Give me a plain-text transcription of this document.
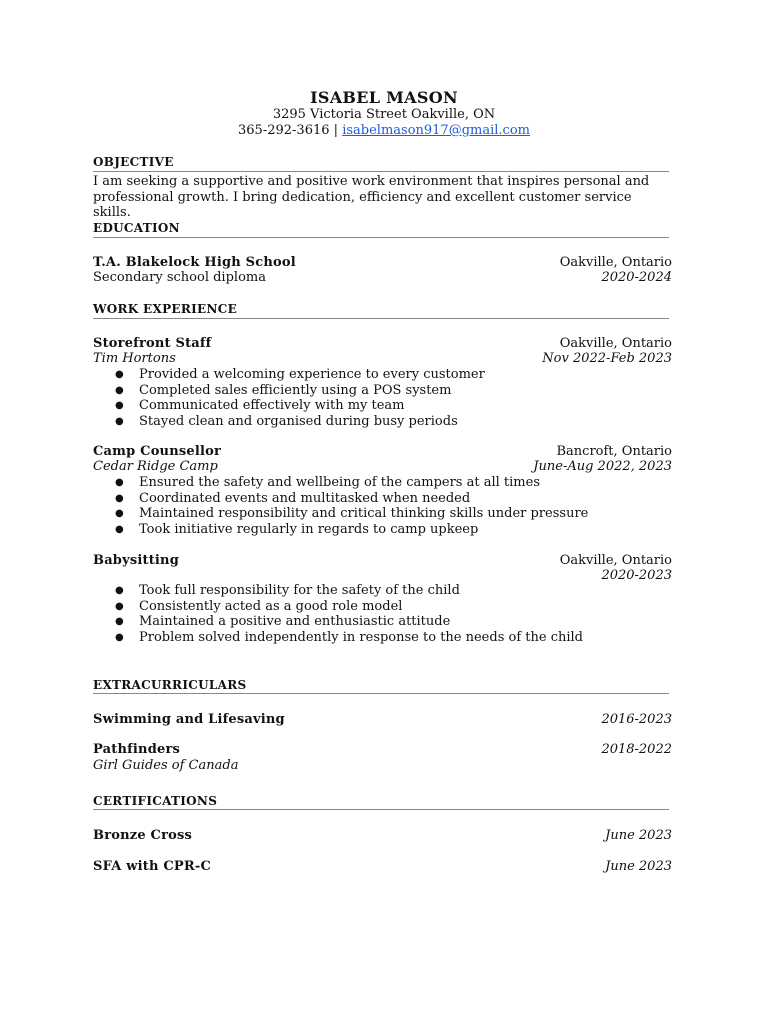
ISABEL MASON
3295 Victoria Street Oakville, ON
365-292-3616 | isabelmason917@gmail.com
OBJECTIVE
I am seeking a supportive and positive work environment that inspires personal and professional growth. I bring dedication, efficiency and excellent customer service skills.
EDUCATION
T.A. Blakelock High School	Oakville, Ontario
Secondary school diploma	2020-2024
WORK EXPERIENCE
Storefront Staff	Oakville, Ontario
Tim Hortons	Nov 2022-Feb 2023
● Provided a welcoming experience to every customer
● Completed sales efficiently using a POS system
● Communicated effectively with my team
● Stayed clean and organised during busy periods
Camp Counsellor	Bancroft, Ontario
Cedar Ridge Camp	June-Aug 2022, 2023
● Ensured the safety and wellbeing of the campers at all times
● Coordinated events and multitasked when needed
● Maintained responsibility and critical thinking skills under pressure
● Took initiative regularly in regards to camp upkeep
Babysitting	Oakville, Ontario
2020-2023
● Took full responsibility for the safety of the child
● Consistently acted as a good role model
● Maintained a positive and enthusiastic attitude
● Problem solved independently in response to the needs of the child
EXTRACURRICULARS
Swimming and Lifesaving	2016-2023
Pathfinders	2018-2022
Girl Guides of Canada
CERTIFICATIONS
Bronze Cross	June 2023
SFA with CPR-C	June 2023
